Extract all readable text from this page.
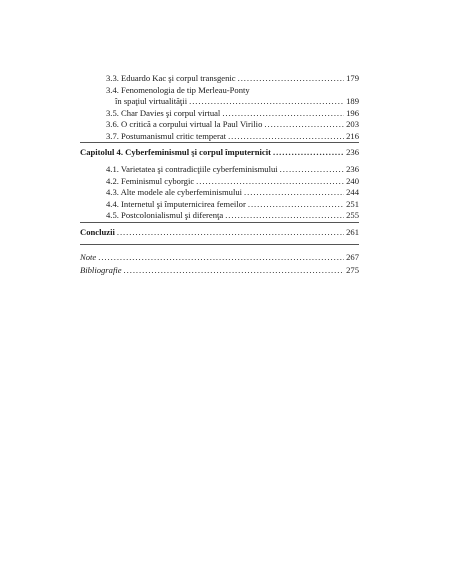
3.3. Eduardo Kac şi corpul transgenic . . .	179
3.4. Fenomenologia de tip Merleau-Ponty
în spaţiul virtualităţii . . .	189
3.5. Char Davies şi corpul virtual . . .	196
3.6. O critică a corpului virtual la Paul Virilio . . .	203
3.7. Postumanismul critic temperat . . .	216
Capitolul 4. Cyberfeminismul şi corpul împuternicit . . .	236
4.1. Varietatea şi contradicţiile cyberfeminismului . . .	236
4.2. Feminismul cyborgic . . .	240
4.3. Alte modele ale cyberfeminismului . . .	244
4.4. Internetul şi împuternicirea femeilor . . .	251
4.5. Postcolonialismul şi diferenţa . . .	255
Concluzii . . .	261
Note . . .	267
Bibliografie . . .	275
